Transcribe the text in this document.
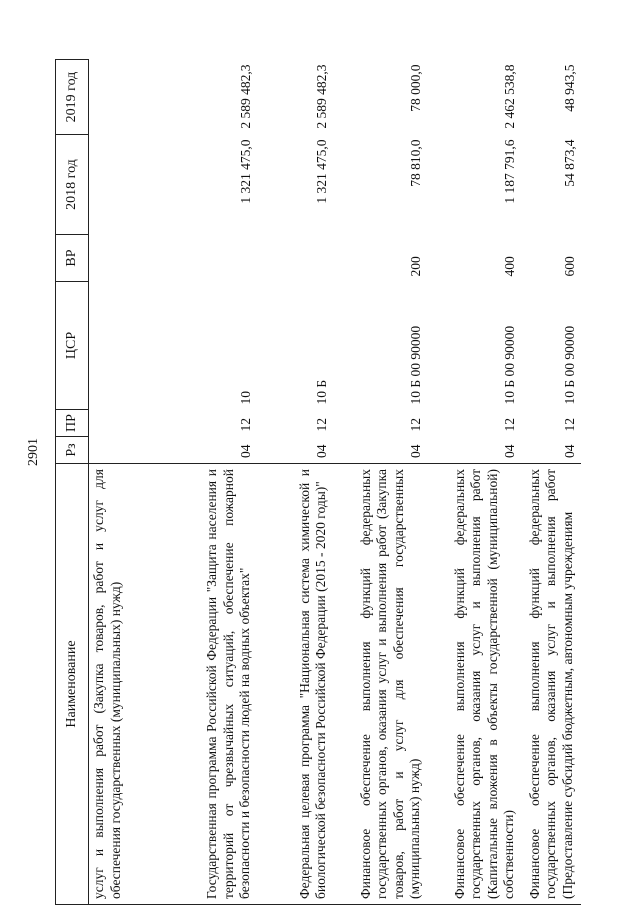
2901
Наименование	Рз	ПР	ЦСР	ВР	2018 год	2019 год
услуг и выполнения работ (Закупка товаров, работ и услуг для обеспечения государственных (муниципальных) нужд)						
Государственная программа Российской Федерации "Защита населения и территорий от чрезвычайных ситуаций, обеспечение пожарной безопасности и безопасности людей на водных объектах"	04	12	10		1 321 475,0	2 589 482,3
Федеральная целевая программа "Национальная система химической и биологической безопасности Российской Федерации (2015 - 2020 годы)"	04	12	10 Б		1 321 475,0	2 589 482,3
Финансовое обеспечение выполнения функций федеральных государственных органов, оказания услуг и выполнения работ (Закупка товаров, работ и услуг для обеспечения государственных (муниципальных) нужд)	04	12	10 Б 00 90000	200	78 810,0	78 000,0
Финансовое обеспечение выполнения функций федеральных государственных органов, оказания услуг и выполнения работ (Капитальные вложения в объекты государственной (муниципальной) собственности)	04	12	10 Б 00 90000	400	1 187 791,6	2 462 538,8
Финансовое обеспечение выполнения функций федеральных государственных органов, оказания услуг и выполнения работ (Предоставление субсидий бюджетным, автономным учреждениям	04	12	10 Б 00 90000	600	54 873,4	48 943,5
